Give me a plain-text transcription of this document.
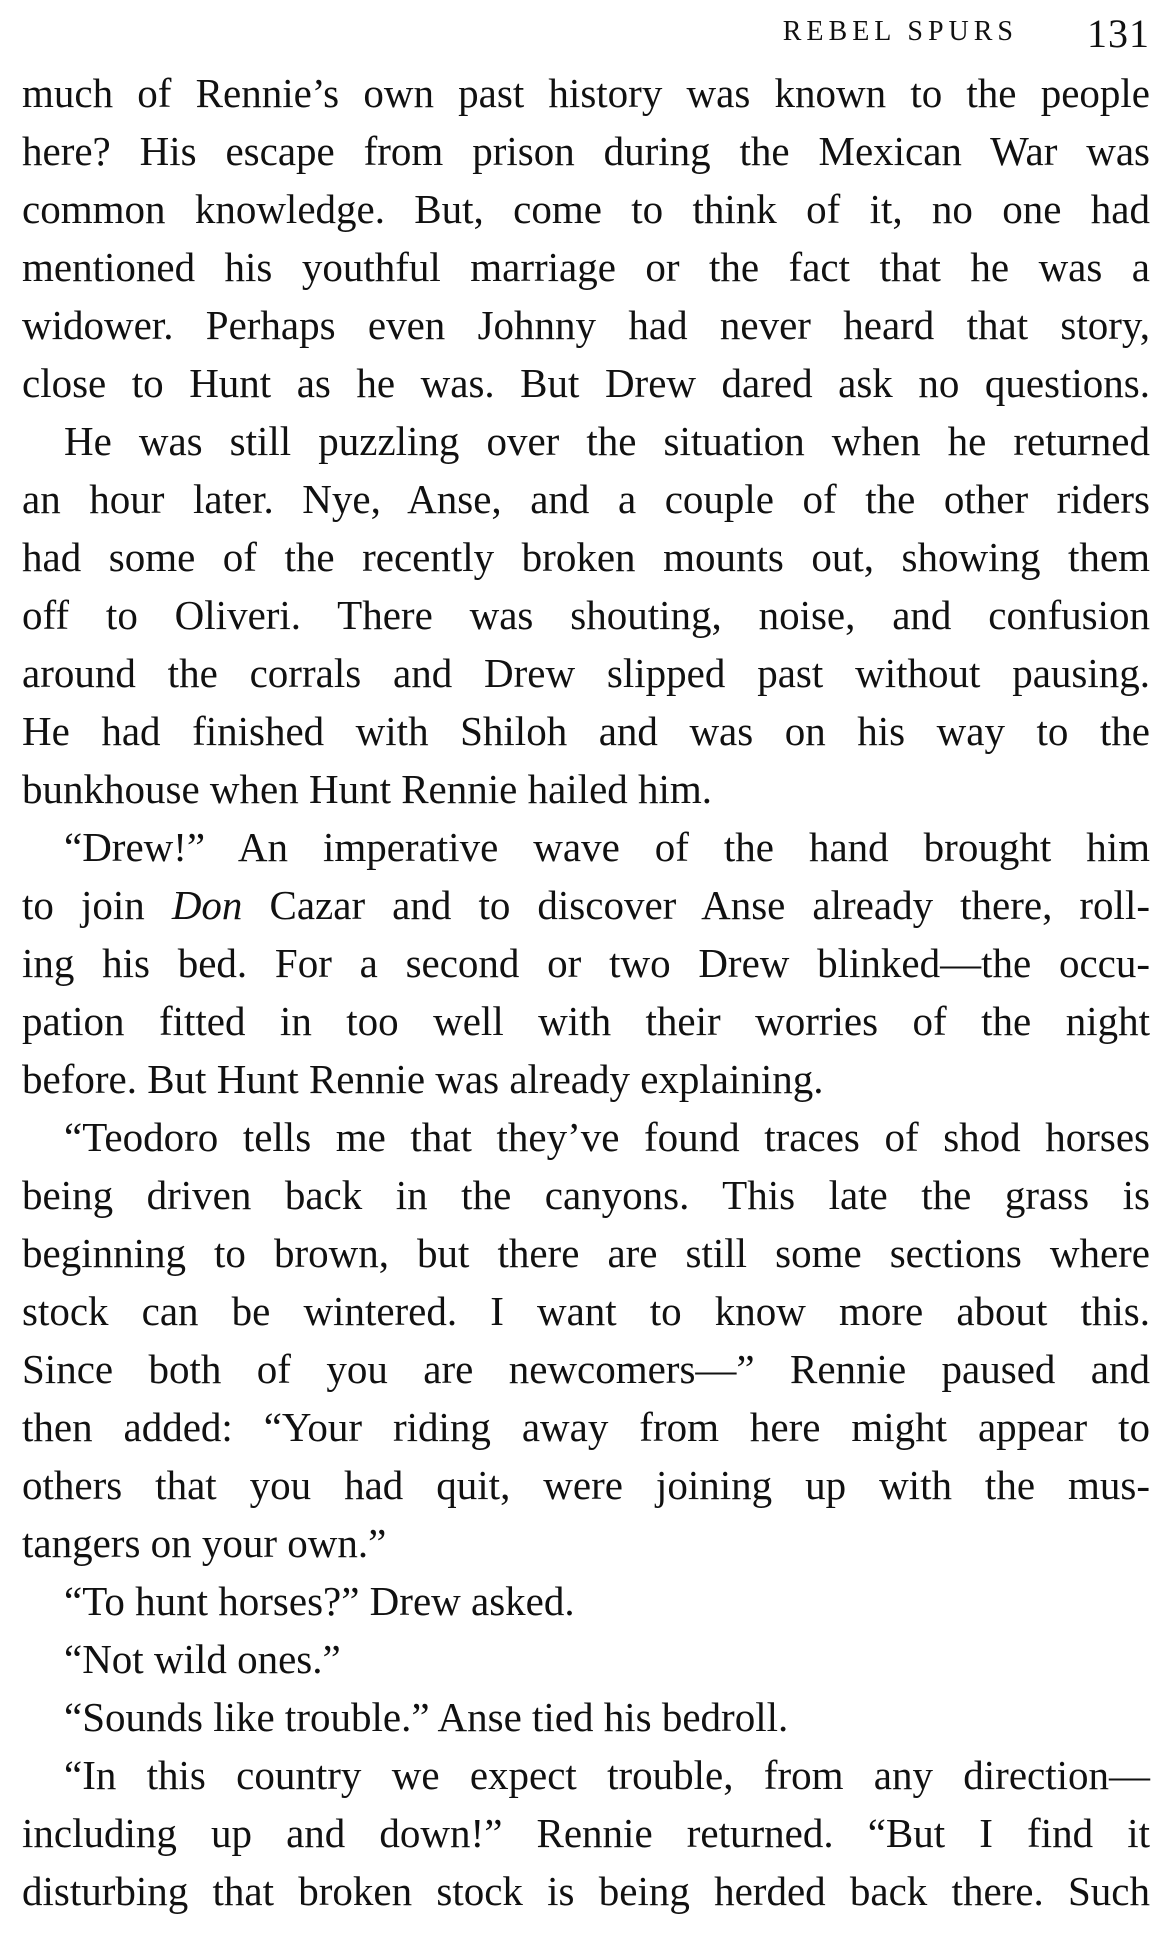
REBEL SPURS 131
much of Rennie’s own past history was known to the people
here? His escape from prison during the Mexican War was
common knowledge. But, come to think of it, no one had
mentioned his youthful marriage or the fact that he was a
widower. Perhaps even Johnny had never heard that story,
close to Hunt as he was. But Drew dared ask no questions.
He was still puzzling over the situation when he returned
an hour later. Nye, Anse, and a couple of the other riders
had some of the recently broken mounts out, showing them
off to Oliveri. There was shouting, noise, and confusion
around the corrals and Drew slipped past without pausing.
He had finished with Shiloh and was on his way to the
bunkhouse when Hunt Rennie hailed him.
“Drew!” An imperative wave of the hand brought him
to join Don Cazar and to discover Anse already there, roll-
ing his bed. For a second or two Drew blinked—the occu-
pation fitted in too well with their worries of the night
before. But Hunt Rennie was already explaining.
“Teodoro tells me that they’ve found traces of shod horses
being driven back in the canyons. This late the grass is
beginning to brown, but there are still some sections where
stock can be wintered. I want to know more about this.
Since both of you are newcomers—” Rennie paused and
then added: “Your riding away from here might appear to
others that you had quit, were joining up with the mus-
tangers on your own.”
“To hunt horses?” Drew asked.
“Not wild ones.”
“Sounds like trouble.” Anse tied his bedroll.
“In this country we expect trouble, from any direction—
including up and down!” Rennie returned. “But I find it
disturbing that broken stock is being herded back there. Such
